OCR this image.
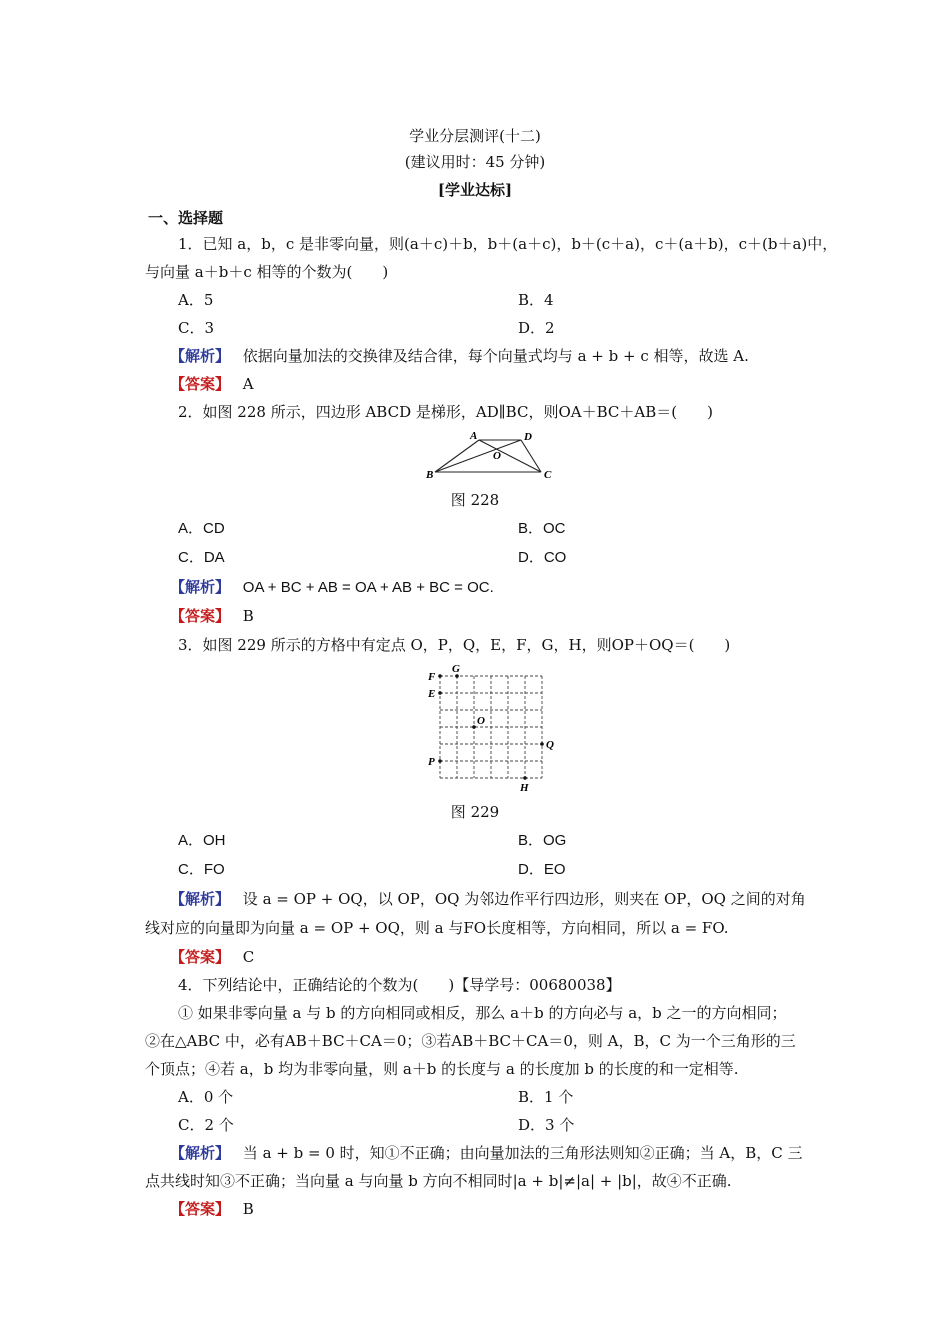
学业分层测评(十二)
(建议用时：45 分钟)
[学业达标]
一、选择题
1．已知 a，b，c 是非零向量，则(a＋c)＋b，b＋(a＋c)，b＋(c＋a)，c＋(a＋b)，c＋(b＋a)中，
与向量 a＋b＋c 相等的个数为(　　)
A．5	B．4
C．3	D．2
【解析】 依据向量加法的交换律及结合律，每个向量式均与 a + b + c 相等，故选 A.
【答案】 A
2．如图 228 所示，四边形 ABCD 是梯形，AD∥BC，则OA＋BC＋AB＝(　　)
A	D
O
B	C
图 228
A．CD	B．OC
C．DA	D．CO
【解析】 OA + BC + AB = OA + AB + BC = OC.
【答案】 B
3．如图 229 所示的方格中有定点 O，P，Q，E，F，G，H，则OP＋OQ＝(　　)
F
G
E
O
Q
P
H
图 229
A．OH	B．OG
C．FO	D．EO
【解析】 设 a = OP + OQ，以 OP，OQ 为邻边作平行四边形，则夹在 OP，OQ 之间的对角
线对应的向量即为向量 a = OP + OQ，则 a 与FO长度相等，方向相同，所以 a = FO.
【答案】 C
4．下列结论中，正确结论的个数为(　　)【导学号：00680038】
① 如果非零向量 a 与 b 的方向相同或相反，那么 a＋b 的方向必与 a，b 之一的方向相同；
②在△ABC 中，必有AB＋BC＋CA＝0；③若AB＋BC＋CA＝0，则 A，B，C 为一个三角形的三
个顶点；④若 a，b 均为非零向量，则 a＋b 的长度与 a 的长度加 b 的长度的和一定相等.
A．0 个	B．1 个
C．2 个	D．3 个
【解析】 当 a + b = 0 时，知①不正确；由向量加法的三角形法则知②正确；当 A，B，C 三
点共线时知③不正确；当向量 a 与向量 b 方向不相同时|a + b|≠|a| + |b|，故④不正确.
【答案】 B
